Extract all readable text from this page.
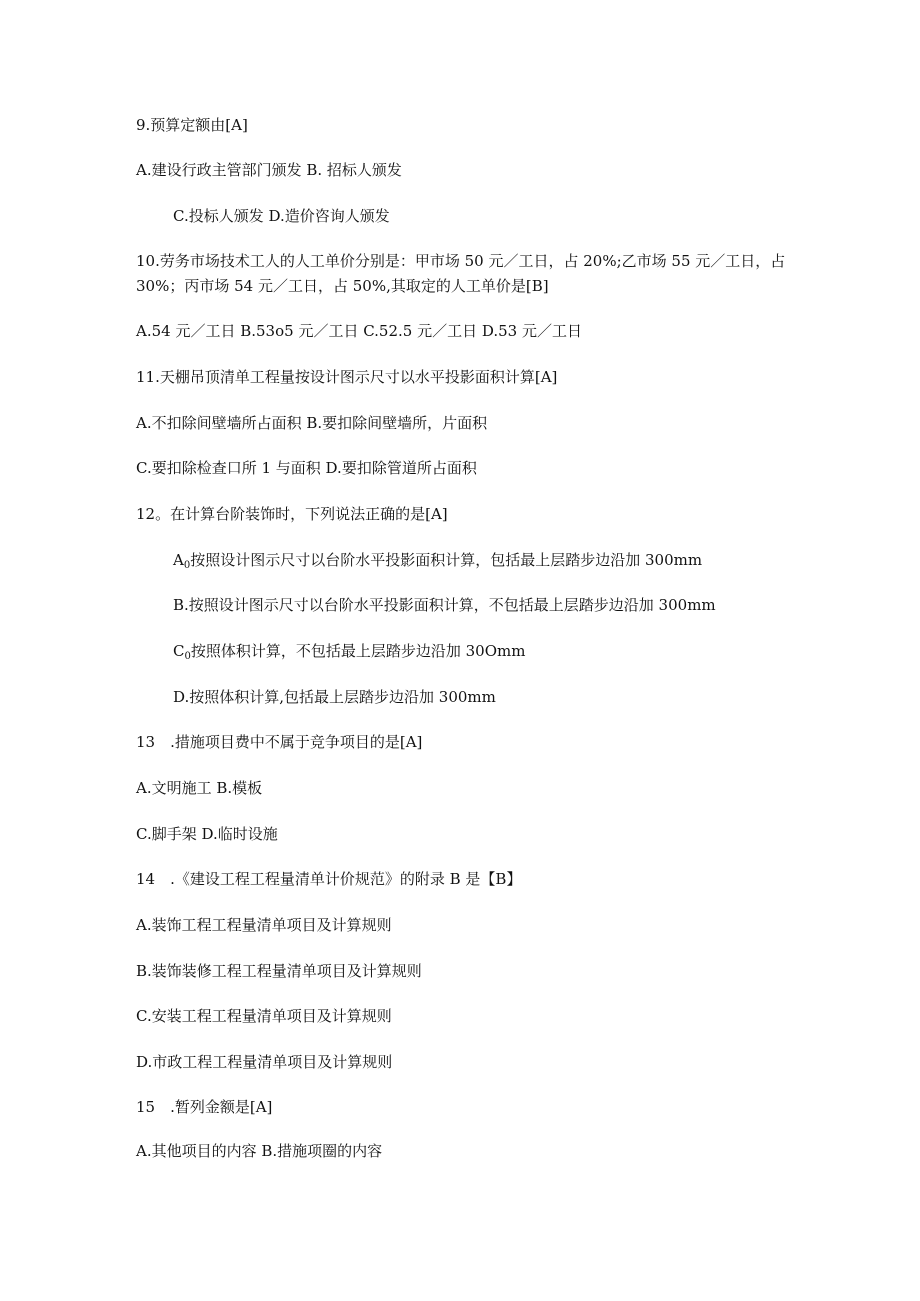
9.预算定额由[A]
A.建设行政主管部门颁发 B. 招标人颁发
C.投标人颁发 D.造价咨询人颁发
10.劳务市场技术工人的人工单价分别是：甲市场 50 元／工日，占 20%;乙市场 55 元／工日，占
30%；丙市场 54 元／工日，占 50%,其取定的人工单价是[B]
A.54 元／工日 B.53o5 元／工日 C.52.5 元／工日 D.53 元／工日
11.天棚吊顶清单工程量按设计图示尺寸以水平投影面积计算[A]
A.不扣除间壁墙所占面积 B.要扣除间壁墙所，片面积
C.要扣除检查口所 1 与面积 D.要扣除管道所占面积
12。在计算台阶装饰时，下列说法正确的是[A]
$A_0$按照设计图示尺寸以台阶水平投影面积计算，包括最上层踏步边沿加 300mm
B.按照设计图示尺寸以台阶水平投影面积计算，不包括最上层踏步边沿加 300mm
$C_0$按照体积计算，不包括最上层踏步边沿加 30Omm
D.按照体积计算,包括最上层踏步边沿加 300mm
13　.措施项目费中不属于竞争项目的是[A]
A.文明施工 B.模板
C.脚手架 D.临时设施
14　.《建设工程工程量清单计价规范》的附录 B 是【B】
A.装饰工程工程量清单项目及计算规则
B.装饰装修工程工程量清单项目及计算规则
C.安装工程工程量清单项目及计算规则
D.市政工程工程量清单项目及计算规则
15　.暂列金额是[A]
A.其他项目的内容 B.措施项圈的内容
